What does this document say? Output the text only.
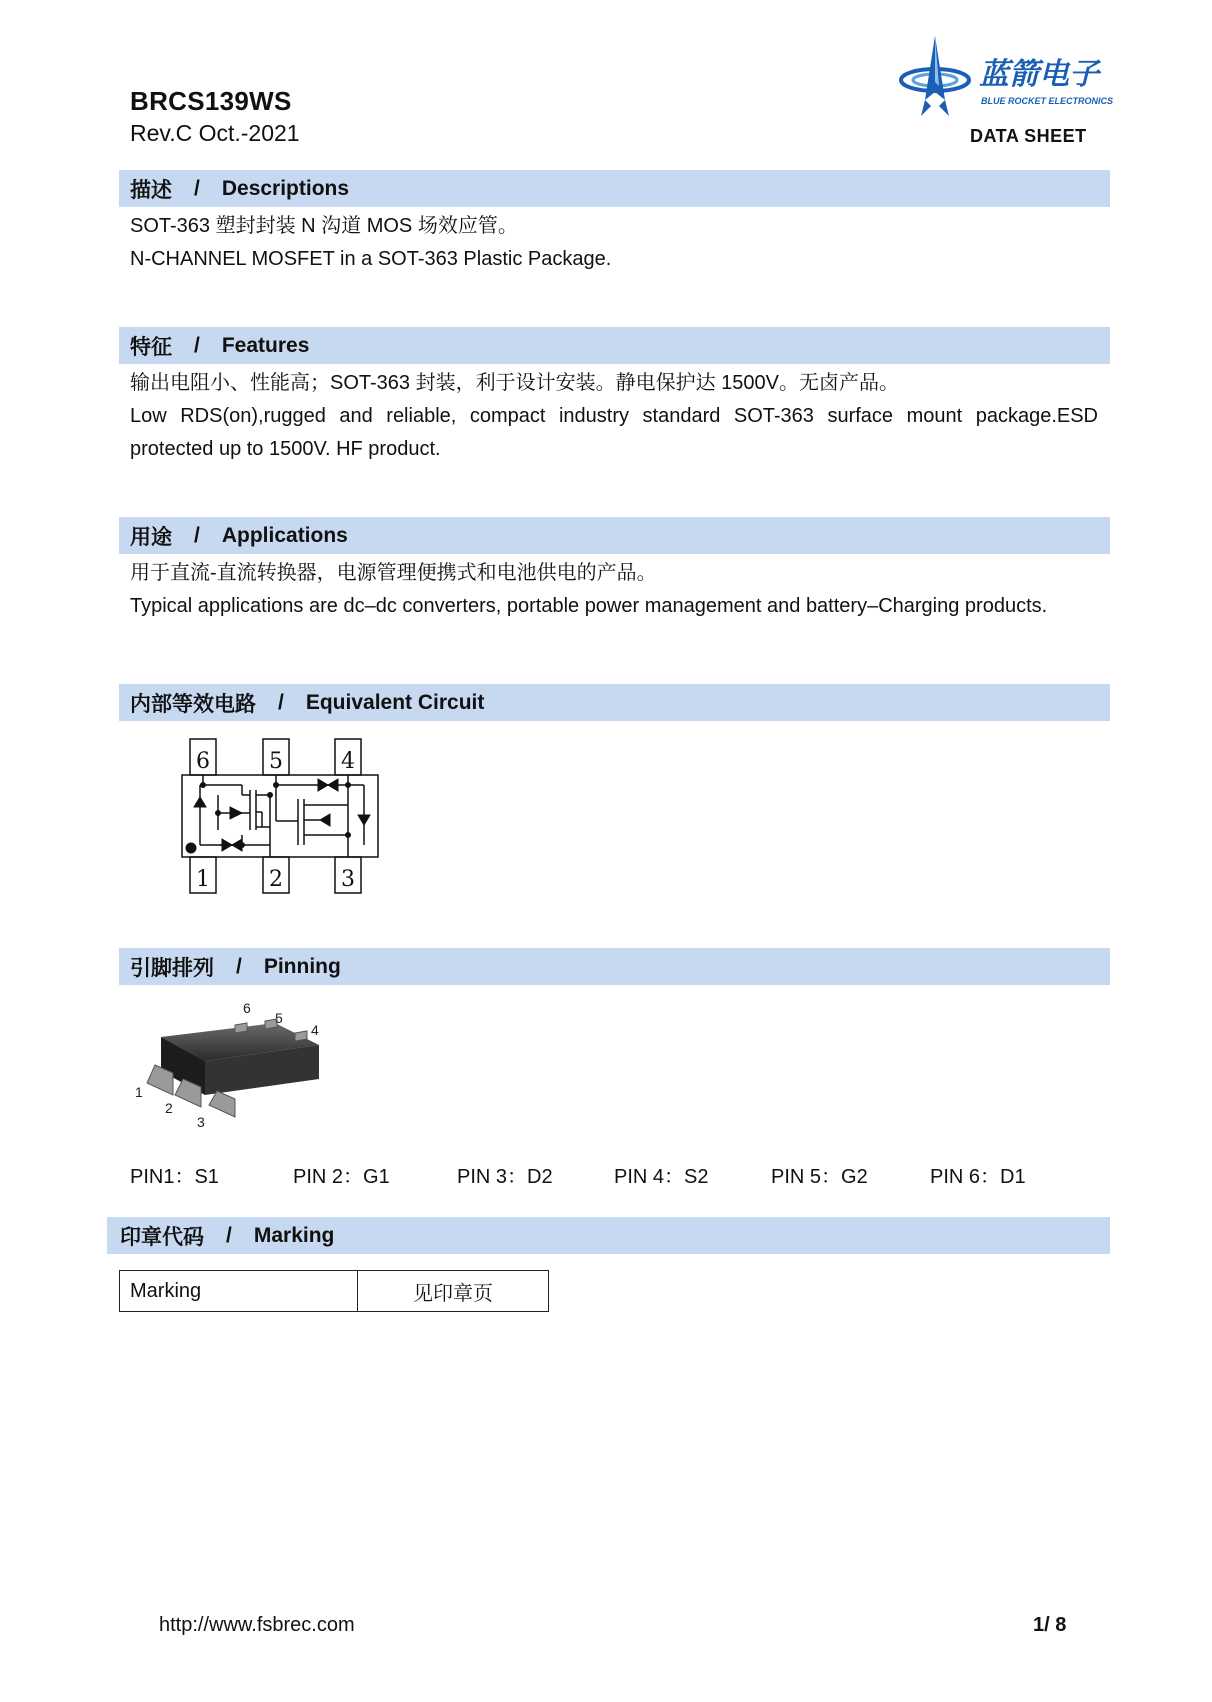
BRCS139WS
Rev.C Oct.-2021
蓝箭电子
BLUE ROCKET ELECTRONICS
DATA SHEET
描述 / Descriptions
SOT-363 塑封封装 N 沟道 MOS 场效应管。
N-CHANNEL MOSFET in a SOT-363 Plastic Package.
特征 / Features
输出电阻小、性能高；SOT-363 封装，利于设计安装。静电保护达 1500V。无卤产品。
Low RDS(on),rugged and reliable, compact industry standard SOT-363 surface mount package.ESD protected up to 1500V. HF product.
用途 / Applications
用于直流-直流转换器，电源管理便携式和电池供电的产品。
Typical applications are dc–dc converters, portable power management and battery–Charging products.
内部等效电路 / Equivalent Circuit
6	5	4
1	2	3
引脚排列 / Pinning
6
5
4
1
2
3
PIN1：S1	PIN 2：G1	PIN 3：D2	PIN 4：S2	PIN 5：G2	PIN 6：D1
印章代码 / Marking
Marking	见印章页
http://www.fsbrec.com	1/ 8
